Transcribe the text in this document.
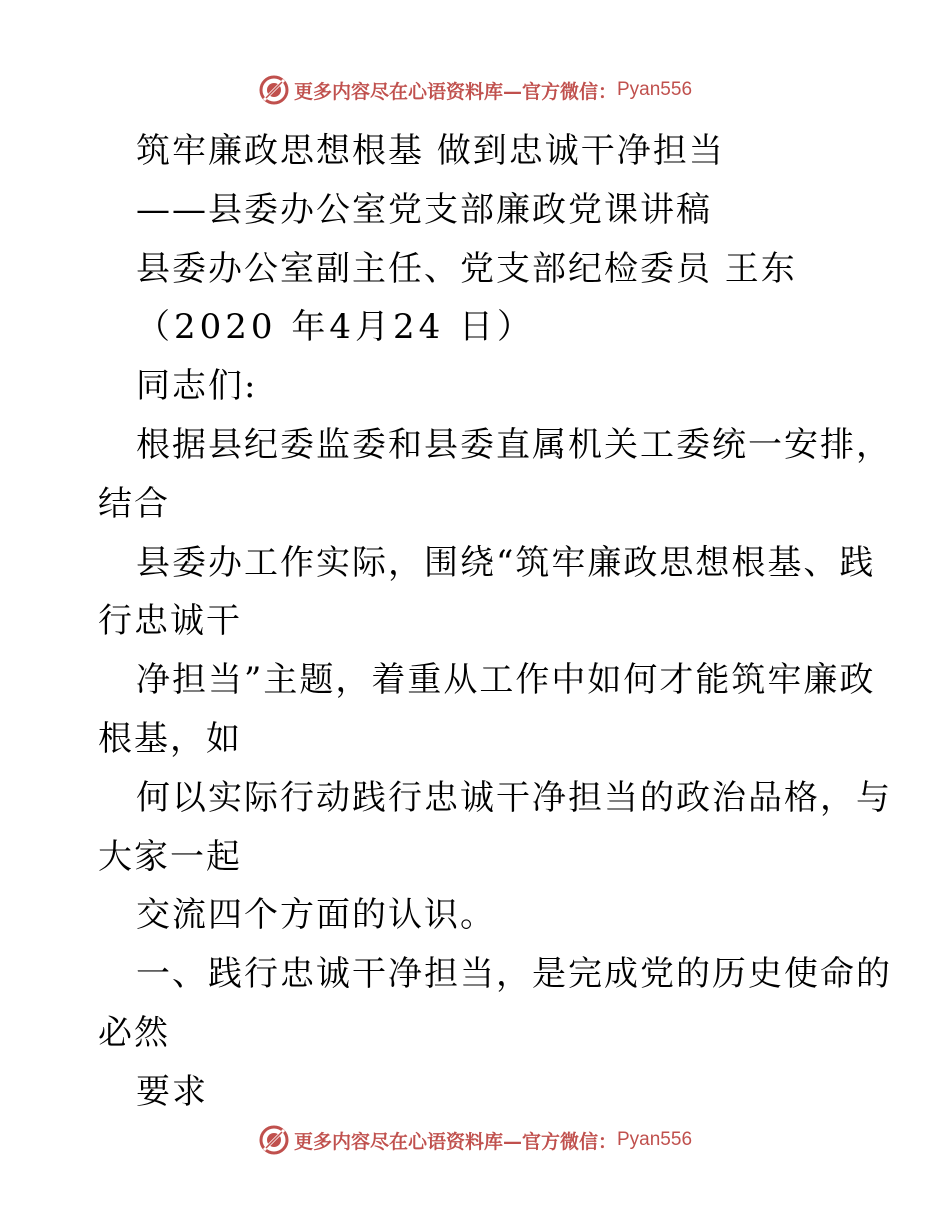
更多内容尽在心语资料库—官方微信： Pyan556
筑牢廉政思想根基 做到忠诚干净担当
——县委办公室党支部廉政党课讲稿
县委办公室副主任、党支部纪检委员 王东
（2020 年4月24 日）
同志们:
根据县纪委监委和县委直属机关工委统一安排，
结合
县委办工作实际，围绕“筑牢廉政思想根基、践
行忠诚干
净担当”主题，着重从工作中如何才能筑牢廉政
根基，如
何以实际行动践行忠诚干净担当的政治品格，与
大家一起
交流四个方面的认识。
一、践行忠诚干净担当，是完成党的历史使命的
必然
要求
更多内容尽在心语资料库—官方微信： Pyan556
